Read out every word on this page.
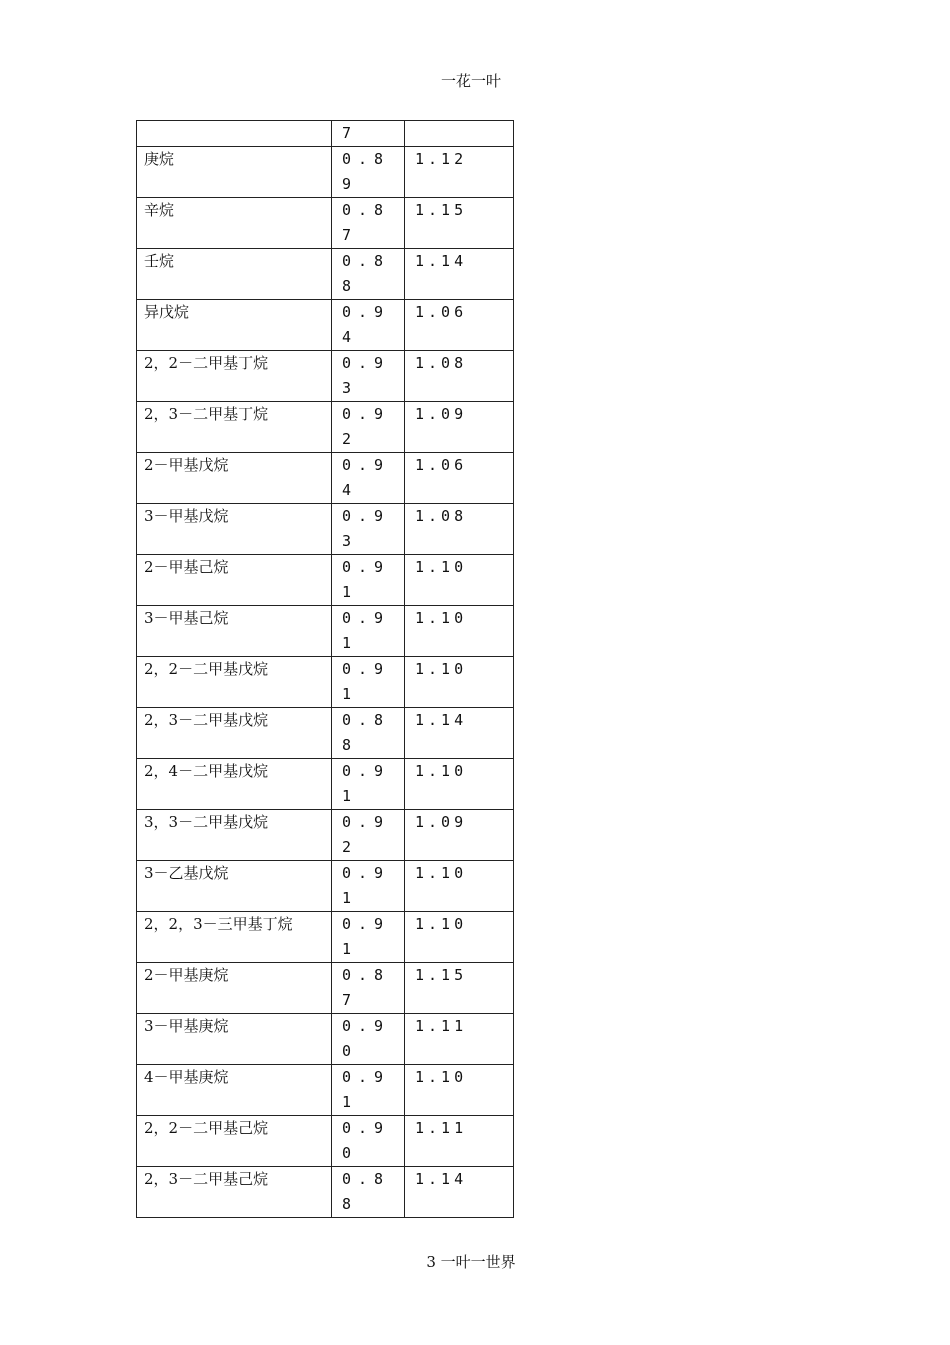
一花一叶
	7	
庚烷	0.89	1.12
辛烷	0.87	1.15
壬烷	0.88	1.14
异戊烷	0.94	1.06
2，2－二甲基丁烷	0.93	1.08
2，3－二甲基丁烷	0.92	1.09
2－甲基戊烷	0.94	1.06
3－甲基戊烷	0.93	1.08
2－甲基己烷	0.91	1.10
3－甲基己烷	0.91	1.10
2，2－二甲基戊烷	0.91	1.10
2，3－二甲基戊烷	0.88	1.14
2，4－二甲基戊烷	0.91	1.10
3，3－二甲基戊烷	0.92	1.09
3－乙基戊烷	0.91	1.10
2，2，3－三甲基丁烷	0.91	1.10
2－甲基庚烷	0.87	1.15
3－甲基庚烷	0.90	1.11
4－甲基庚烷	0.91	1.10
2，2－二甲基己烷	0.90	1.11
2，3－二甲基己烷	0.88	1.14
3 一叶一世界
